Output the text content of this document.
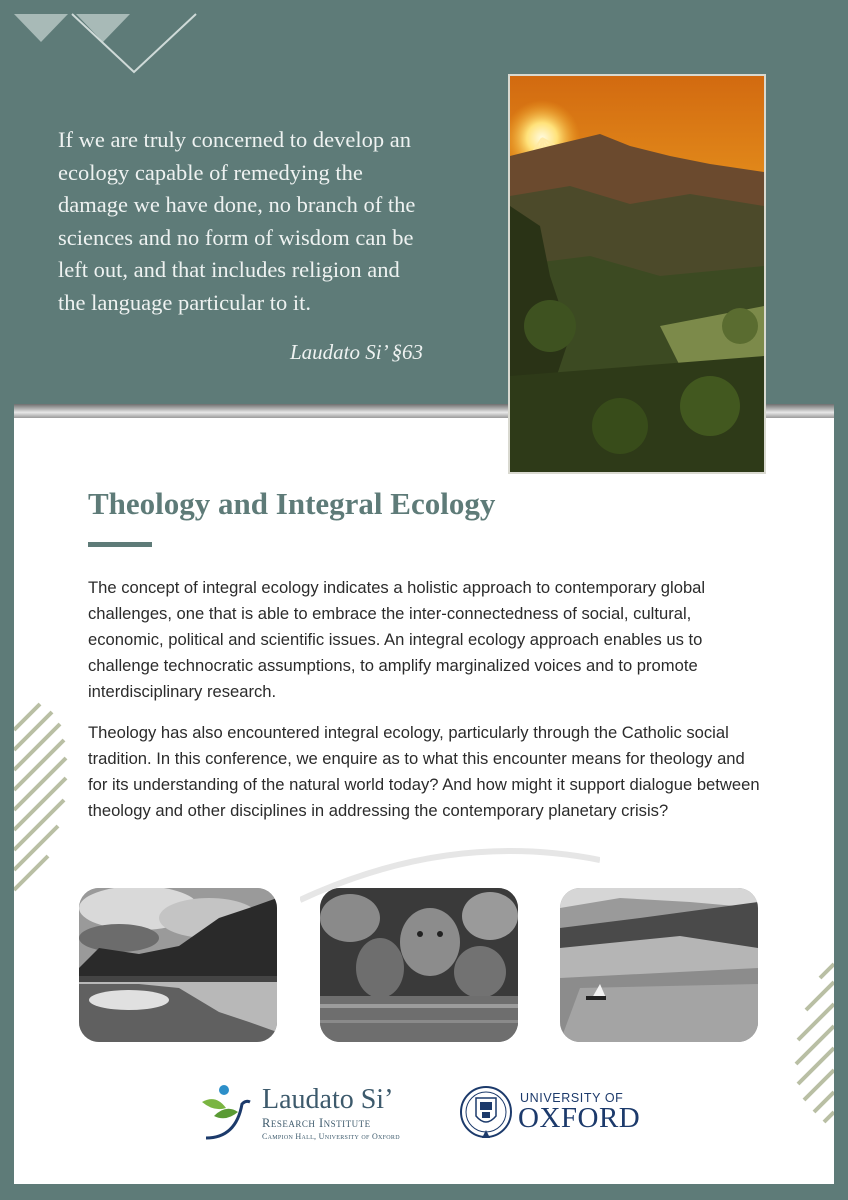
If we are truly concerned to develop an
ecology capable of remedying the
damage we have done, no branch of the
sciences and no form of wisdom can be
left out, and that includes religion and
the language particular to it.
Laudato Si’ §63
Theology and Integral Ecology

The concept of integral ecology indicates a holistic approach to contemporary global challenges, one that is able to embrace the inter-connectedness of social, cultural, economic, political and scientific issues. An integral ecology approach enables us to challenge technocratic assumptions, to amplify marginalized voices and to promote interdisciplinary research.

Theology has also encountered integral ecology, particularly through the Catholic social tradition. In this conference, we enquire as to what this encounter means for theology and for its understanding of the natural world today? And how might it support dialogue between theology and other disciplines in addressing the contemporary planetary crisis?

Laudato Si’
Research Institute
Campion Hall, University of Oxford
UNIVERSITY OF
OXFORD
